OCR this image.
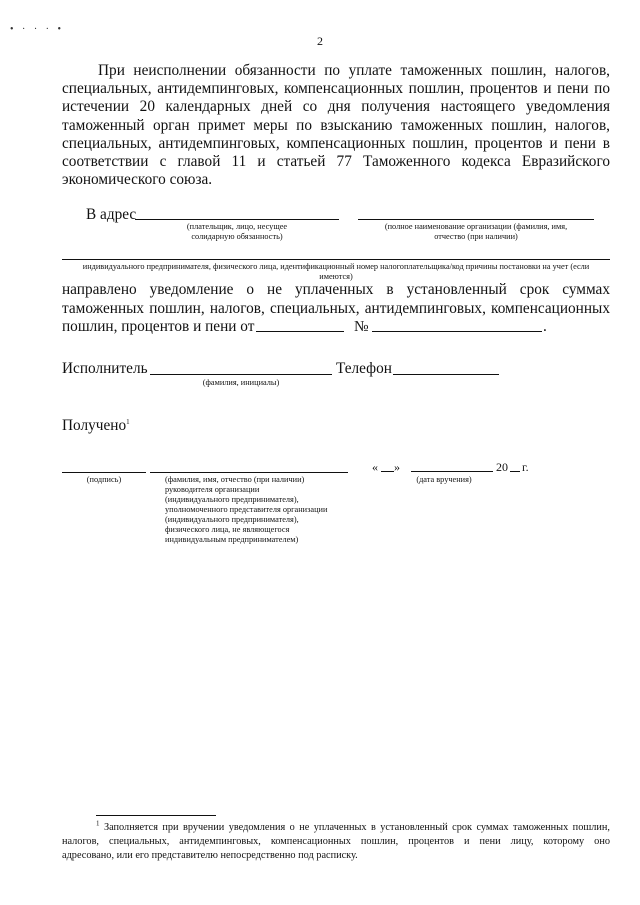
• · · · •
2
При неисполнении обязанности по уплате таможенных пошлин, налогов,
специальных, антидемпинговых, компенсационных пошлин, процентов и пени по
истечении 20 календарных дней со дня получения настоящего уведомления
таможенный орган примет меры по взысканию таможенных пошлин, налогов,
специальных, антидемпинговых, компенсационных пошлин, процентов и пени в
соответствии с главой 11 и статьей 77 Таможенного кодекса Евразийского
экономического союза.
В адрес
(плательщик, лицо, несущее
солидарную обязанность)
(полное наименование организации (фамилия, имя,
отчество (при наличии)
индивидуального предпринимателя, физического лица, идентификационный номер налогоплательщика/код причины постановки на учет (если
имеются)
направлено уведомление о не уплаченных в установленный срок суммах
таможенных пошлин, налогов, специальных, антидемпинговых, компенсационных
пошлин, процентов и пени от	№	.
Исполнитель
(фамилия, инициалы)
Телефон
Получено$^1$
(подпись)	(фамилия, имя, отчество (при наличии)
руководителя организации
(индивидуального предпринимателя),
уполномоченного представителя организации
(индивидуального предпринимателя),
физического лица, не являющегося
индивидуальным предпринимателем)
« »	20 г.
(дата вручения)
$^1$ Заполняется при вручении уведомления о не уплаченных в установленный срок суммах таможенных пошлин,
налогов, специальных, антидемпинговых, компенсационных пошлин, процентов и пени лицу, которому оно
адресовано, или его представителю непосредственно под расписку.
